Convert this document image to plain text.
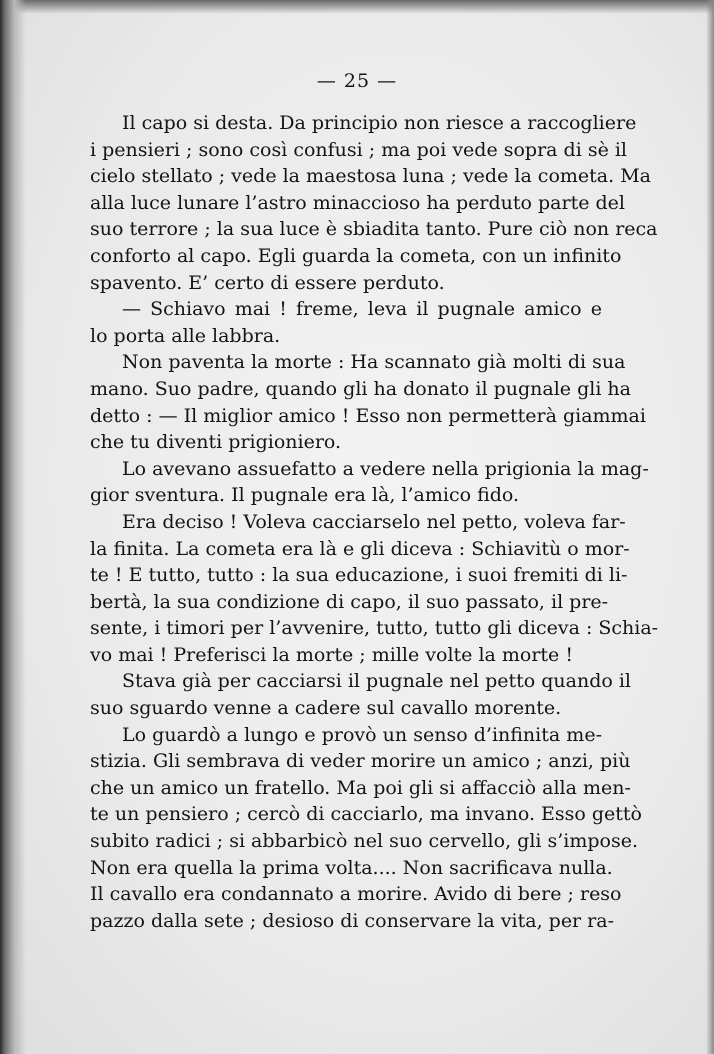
— 25 —
Il capo si desta. Da principio non riesce a raccogliere
i pensieri ; sono così confusi ; ma poi vede sopra di sè il
cielo stellato ; vede la maestosa luna ; vede la cometa. Ma
alla luce lunare l’astro minaccioso ha perduto parte del
suo terrore ; la sua luce è sbiadita tanto. Pure ciò non reca
conforto al capo. Egli guarda la cometa, con un infinito
spavento. E’ certo di essere perduto.
— Schiavo mai ! freme, leva il pugnale amico e
lo porta alle labbra.
Non paventa la morte : Ha scannato già molti di sua
mano. Suo padre, quando gli ha donato il pugnale gli ha
detto : — Il miglior amico ! Esso non permetterà giammai
che tu diventi prigioniero.
Lo avevano assuefatto a vedere nella prigionia la mag-
gior sventura. Il pugnale era là, l’amico fido.
Era deciso ! Voleva cacciarselo nel petto, voleva far-
la finita. La cometa era là e gli diceva : Schiavitù o mor-
te ! E tutto, tutto : la sua educazione, i suoi fremiti di li-
bertà, la sua condizione di capo, il suo passato, il pre-
sente, i timori per l’avvenire, tutto, tutto gli diceva : Schia-
vo mai ! Preferisci la morte ; mille volte la morte !
Stava già per cacciarsi il pugnale nel petto quando il
suo sguardo venne a cadere sul cavallo morente.
Lo guardò a lungo e provò un senso d’infinita me-
stizia. Gli sembrava di veder morire un amico ; anzi, più
che un amico un fratello. Ma poi gli si affacciò alla men-
te un pensiero ; cercò di cacciarlo, ma invano. Esso gettò
subito radici ; si abbarbicò nel suo cervello, gli s’impose.
Non era quella la prima volta.... Non sacrificava nulla.
Il cavallo era condannato a morire. Avido di bere ; reso
pazzo dalla sete ; desioso di conservare la vita, per ra-
